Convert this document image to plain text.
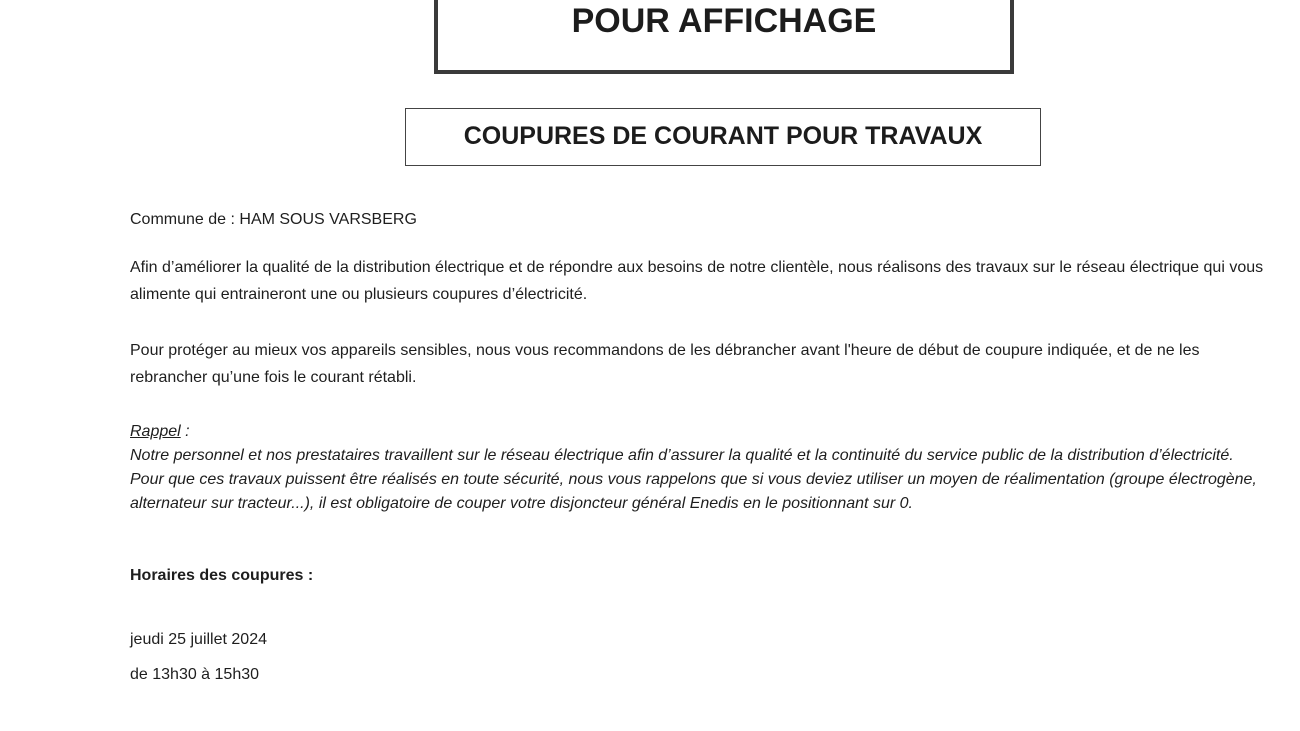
POUR AFFICHAGE
COUPURES DE COURANT POUR TRAVAUX

Commune de : HAM SOUS VARSBERG

Afin d’améliorer la qualité de la distribution électrique et de répondre aux besoins de notre clientèle, nous réalisons des travaux sur le réseau électrique qui vous alimente qui entraineront une ou plusieurs coupures d’électricité.

Pour protéger au mieux vos appareils sensibles, nous vous recommandons de les débrancher avant l'heure de début de coupure indiquée, et de ne les rebrancher qu’une fois le courant rétabli.

Rappel :

Notre personnel et nos prestataires travaillent sur le réseau électrique afin d’assurer la qualité et la continuité du service public de la distribution d’électricité. Pour que ces travaux puissent être réalisés en toute sécurité, nous vous rappelons que si vous deviez utiliser un moyen de réalimentation (groupe électrogène, alternateur sur tracteur...), il est obligatoire de couper votre disjoncteur général Enedis en le positionnant sur 0.

Horaires des coupures :
jeudi 25 juillet 2024
de 13h30 à 15h30
